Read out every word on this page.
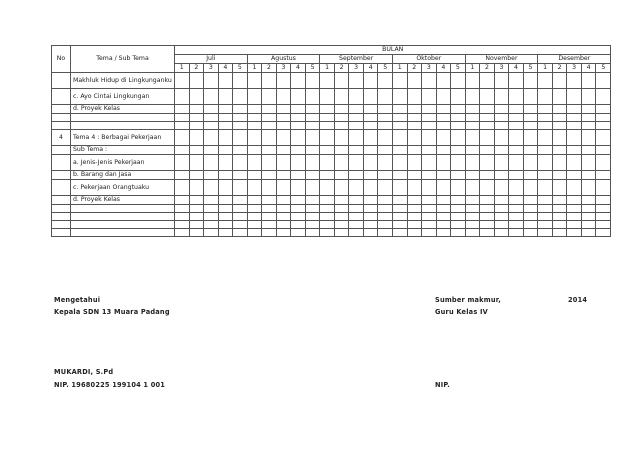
No	Tema / Sub Tema	BULAN																													
		Juli					Agustus					September					Oktober					November					Desember				
		1	2	3	4	5	1	2	3	4	5	1	2	3	4	5	1	2	3	4	5	1	2	3	4	5	1	2	3	4	5
	Makhluk Hidup di Lingkunganku																														
	c. Ayo Cintai Lingkungan																														
	d. Proyek Kelas																														

4	Tema 4 : Berbagai Pekerjaan																														
	Sub Tema :																														
	a. Jenis-Jenis Pekerjaan																														
	b. Barang dan Jasa																														
	c. Pekerjaan Orangtuaku																														
	d. Proyek Kelas																														

Mengetahui
Kepala SDN 13 Muara Padang
MUKARDI, S.Pd
NIP. 19680225 199104 1 001
Sumber makmur,	2014
Guru Kelas IV
NIP.
